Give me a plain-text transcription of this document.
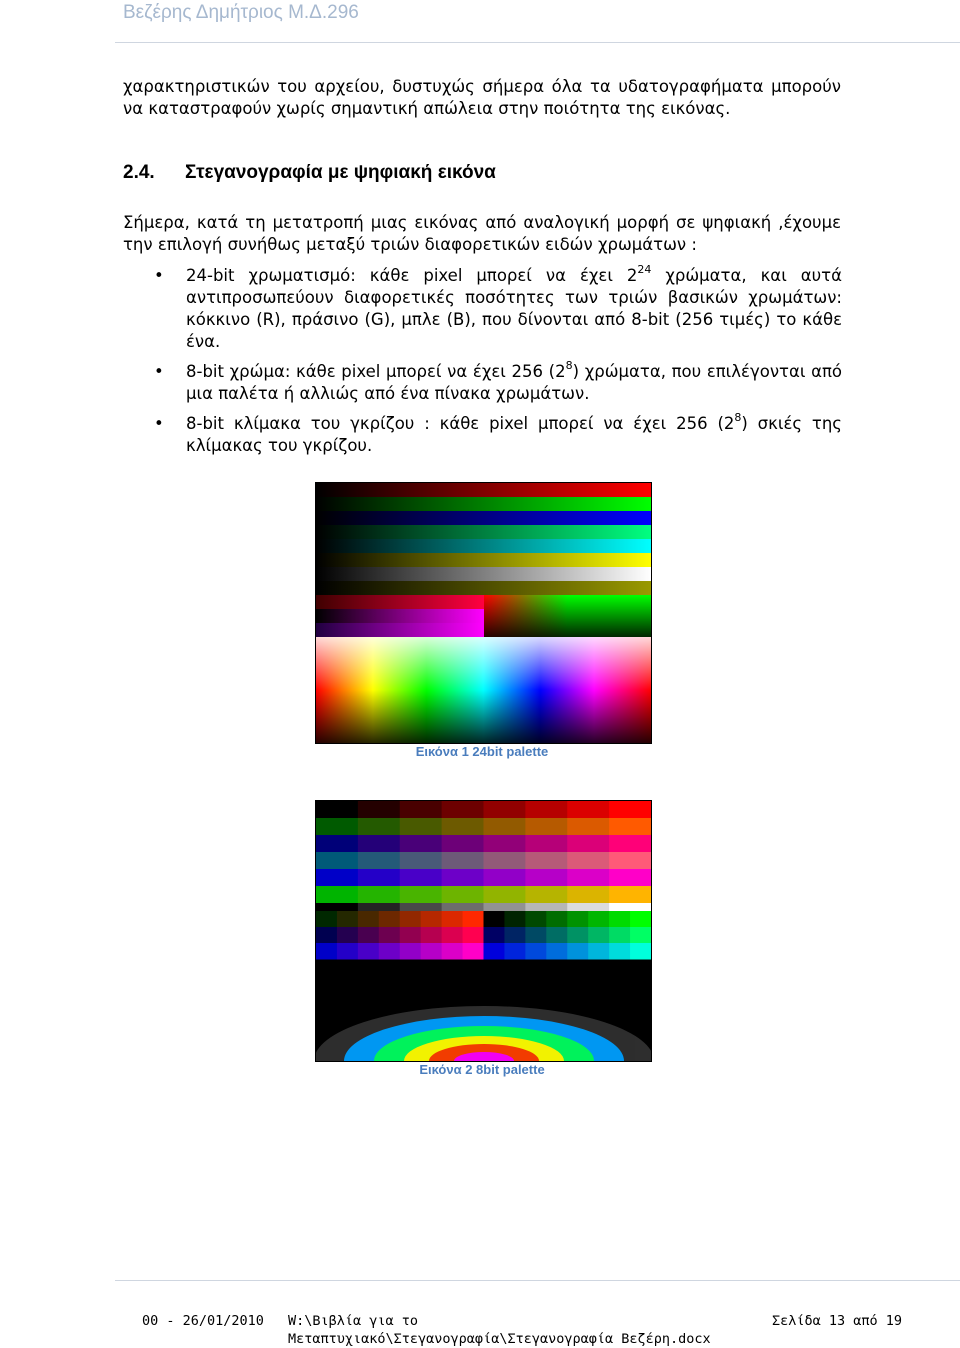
Βεζέρης Δημήτριος Μ.Δ.296
χαρακτηριστικών του αρχείου, δυστυχώς σήμερα όλα τα υδατογραφήματα μπορούν να καταστραφούν χωρίς σημαντική απώλεια στην ποιότητα της εικόνας.
2.4. Στεγανογραφία με ψηφιακή εικόνα
Σήμερα, κατά τη μετατροπή μιας εικόνας από αναλογική μορφή σε ψηφιακή ,έχουμε την επιλογή συνήθως μεταξύ τριών διαφορετικών ειδών χρωμάτων :
• 24-bit χρωματισμό: κάθε pixel μπορεί να έχει $2^{24}$ χρώματα, και αυτά αντιπροσωπεύουν διαφορετικές ποσότητες των τριών βασικών χρωμάτων: κόκκινο (R), πράσινο (G), μπλε (B), που δίνονται από 8-bit (256 τιμές) το κάθε ένα.
• 8-bit χρώμα: κάθε pixel μπορεί να έχει 256 $(2^8)$ χρώματα, που επιλέγονται από μια παλέτα ή αλλιώς από ένα πίνακα χρωμάτων.
• 8-bit κλίμακα του γκρίζου : κάθε pixel μπορεί να έχει 256 $(2^8)$ σκιές της κλίμακας του γκρίζου.
Εικόνα 1 24bit palette
Εικόνα 2 8bit palette
00 - 26/01/2010 W:\Βιβλία για το Μεταπτυχιακό\Στεγανογραφία\Στεγανογραφία Βεζέρη.docx
Σελίδα 13 από 19
